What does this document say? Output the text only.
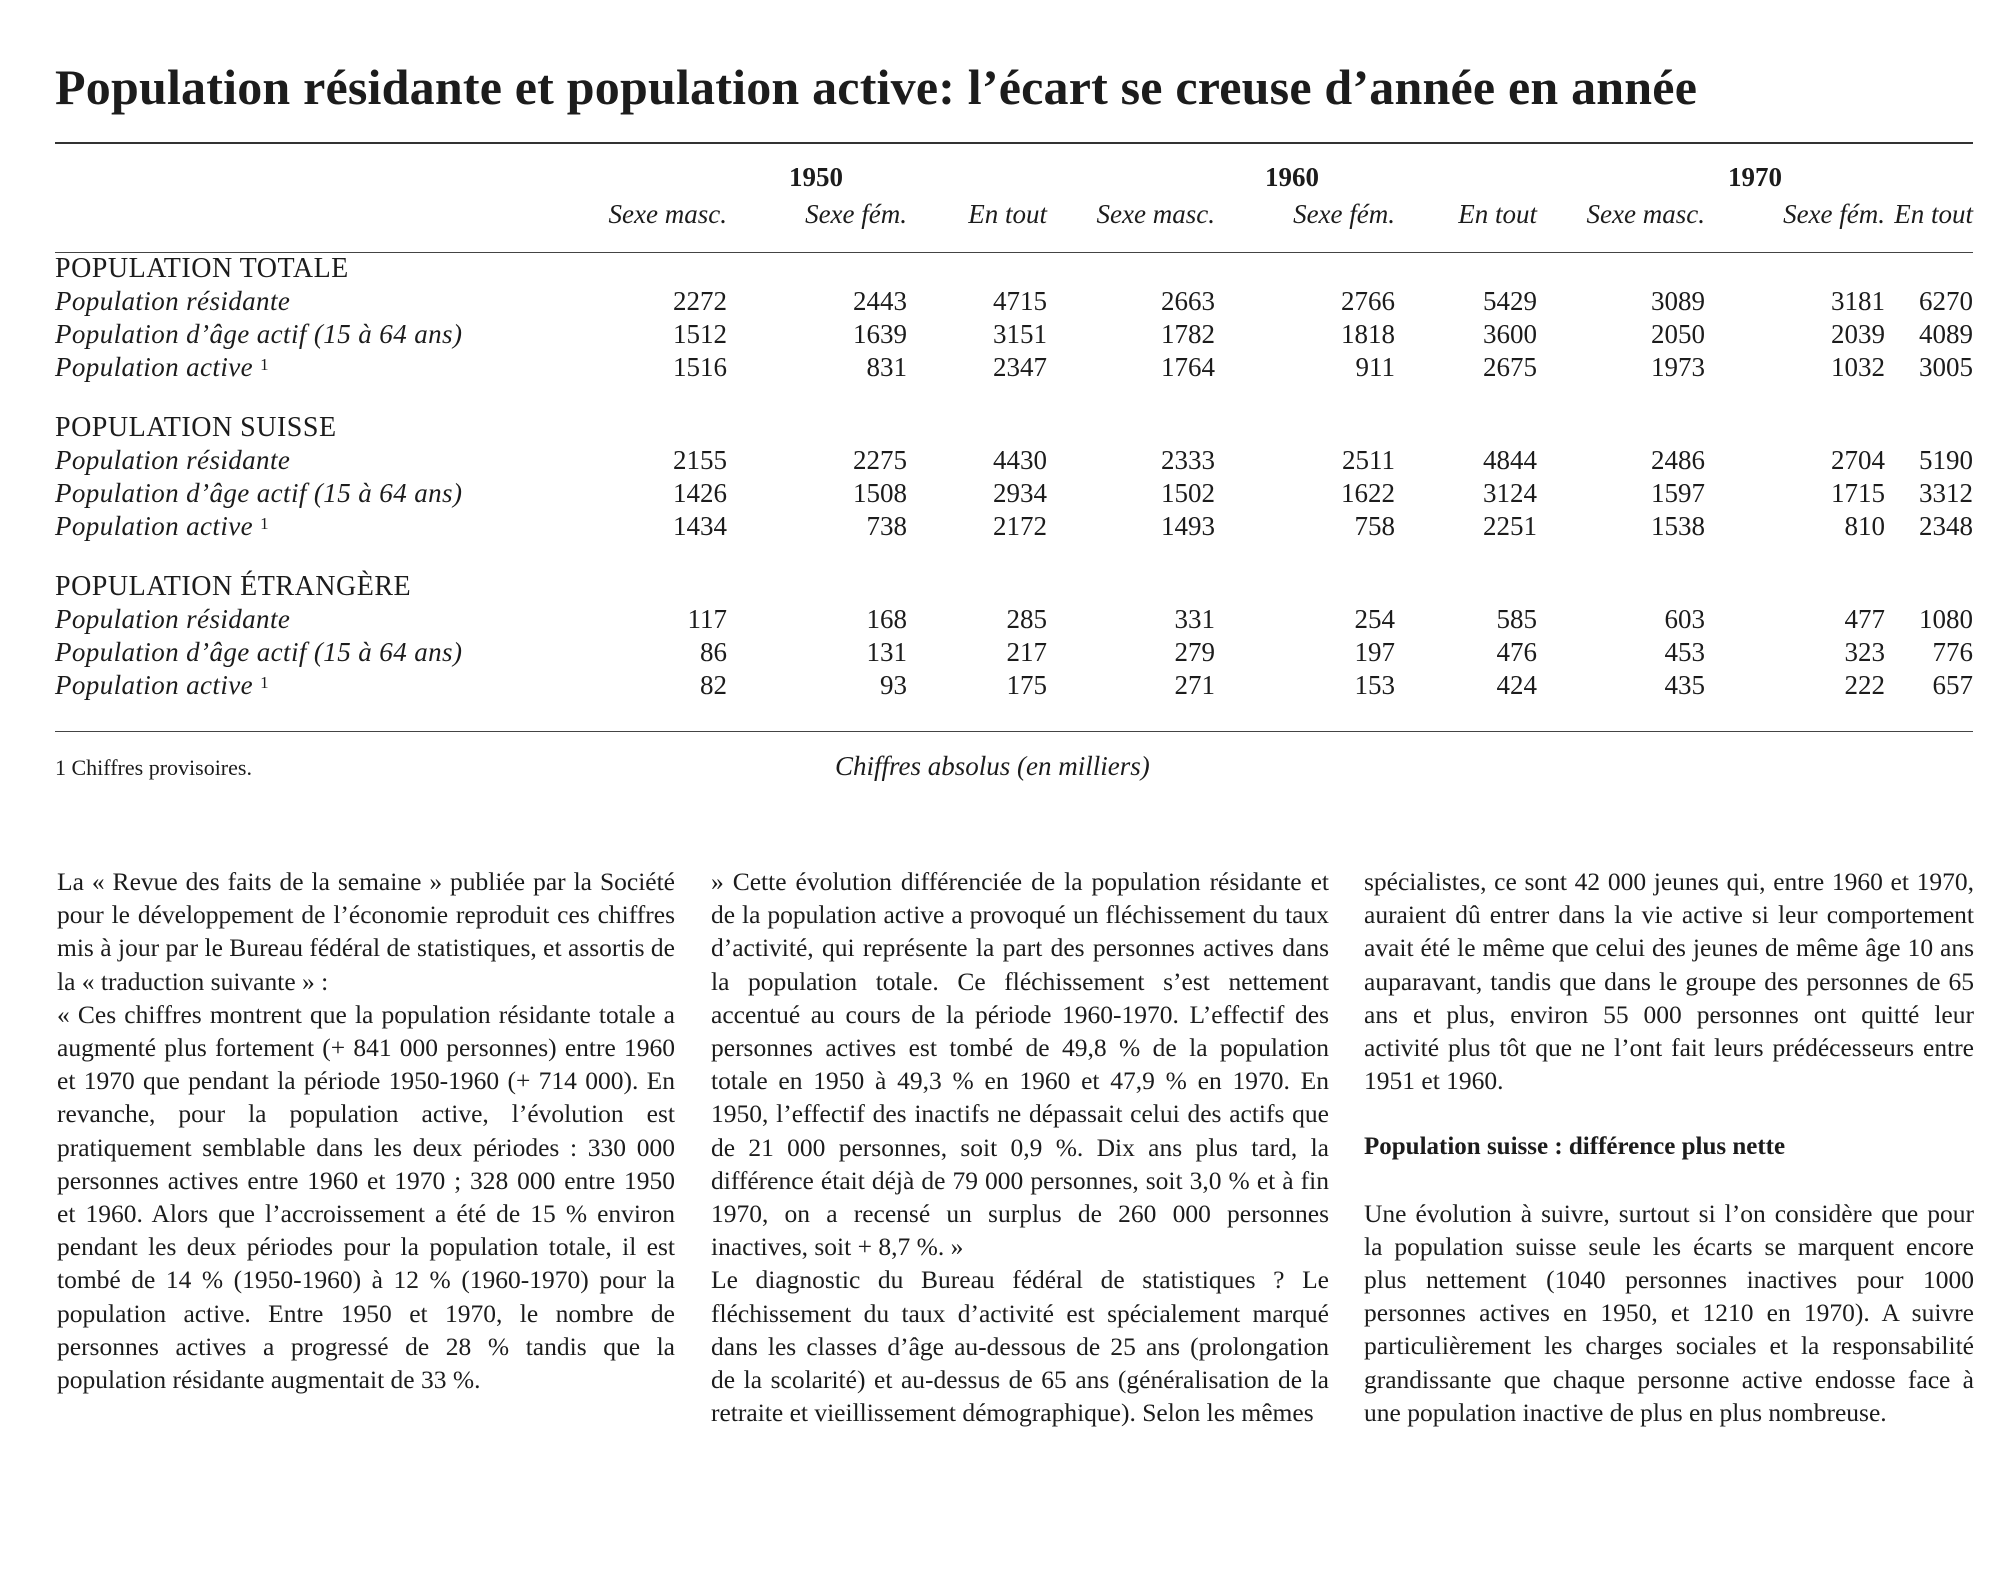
Population résidante et population active: l’écart se creuse d’année en année
	1950			1960			1970		
	Sexe masc.	Sexe fém.	En tout	Sexe masc.	Sexe fém.	En tout	Sexe masc.	Sexe fém.	En tout

POPULATION TOTALE									
Population résidante	2272	2443	4715	2663	2766	5429	3089	3181	6270
Population d’âge actif (15 à 64 ans)	1512	1639	3151	1782	1818	3600	2050	2039	4089
Population active $^1$	1516	831	2347	1764	911	2675	1973	1032	3005

POPULATION SUISSE									
Population résidante	2155	2275	4430	2333	2511	4844	2486	2704	5190
Population d’âge actif (15 à 64 ans)	1426	1508	2934	1502	1622	3124	1597	1715	3312
Population active $^1$	1434	738	2172	1493	758	2251	1538	810	2348

POPULATION ÉTRANGÈRE									
Population résidante	117	168	285	331	254	585	603	477	1080
Population d’âge actif (15 à 64 ans)	86	131	217	279	197	476	453	323	776
Population active $^1$	82	93	175	271	153	424	435	222	657
1 Chiffres provisoires.	Chiffres absolus (en milliers)

La « Revue des faits de la semaine » publiée par la Société pour le développement de l’économie reproduit ces chiffres mis à jour par le Bureau fédéral de statistiques, et assortis de la « traduction suivante » :

« Ces chiffres montrent que la population résidante totale a augmenté plus fortement (+ 841 000 personnes) entre 1960 et 1970 que pendant la période 1950-1960 (+ 714 000). En revanche, pour la population active, l’évolution est pratiquement semblable dans les deux périodes : 330 000 personnes actives entre 1960 et 1970 ; 328 000 entre 1950 et 1960. Alors que l’accroissement a été de 15 % environ pendant les deux périodes pour la population totale, il est tombé de 14 % (1950-1960) à 12 % (1960-1970) pour la population active. Entre 1950 et 1970, le nombre de personnes actives a progressé de 28 % tandis que la population résidante augmentait de 33 %.

» Cette évolution différenciée de la population résidante et de la population active a provoqué un fléchissement du taux d’activité, qui représente la part des personnes actives dans la population totale. Ce fléchissement s’est nettement accentué au cours de la période 1960-1970. L’effectif des personnes actives est tombé de 49,8 % de la population totale en 1950 à 49,3 % en 1960 et 47,9 % en 1970. En 1950, l’effectif des inactifs ne dépassait celui des actifs que de 21 000 personnes, soit 0,9 %. Dix ans plus tard, la différence était déjà de 79 000 personnes, soit 3,0 % et à fin 1970, on a recensé un surplus de 260 000 personnes inactives, soit + 8,7 %. »

Le diagnostic du Bureau fédéral de statistiques ? Le fléchissement du taux d’activité est spécialement marqué dans les classes d’âge au-dessous de 25 ans (prolongation de la scolarité) et au-dessus de 65 ans (généralisation de la retraite et vieillissement démographique). Selon les mêmes

spécialistes, ce sont 42 000 jeunes qui, entre 1960 et 1970, auraient dû entrer dans la vie active si leur comportement avait été le même que celui des jeunes de même âge 10 ans auparavant, tandis que dans le groupe des personnes de 65 ans et plus, environ 55 000 personnes ont quitté leur activité plus tôt que ne l’ont fait leurs prédécesseurs entre 1951 et 1960.

Population suisse : différence plus nette

Une évolution à suivre, surtout si l’on considère que pour la population suisse seule les écarts se marquent encore plus nettement (1040 personnes inactives pour 1000 personnes actives en 1950, et 1210 en 1970). A suivre particulièrement les charges sociales et la responsabilité grandissante que chaque personne active endosse face à une population inactive de plus en plus nombreuse.
